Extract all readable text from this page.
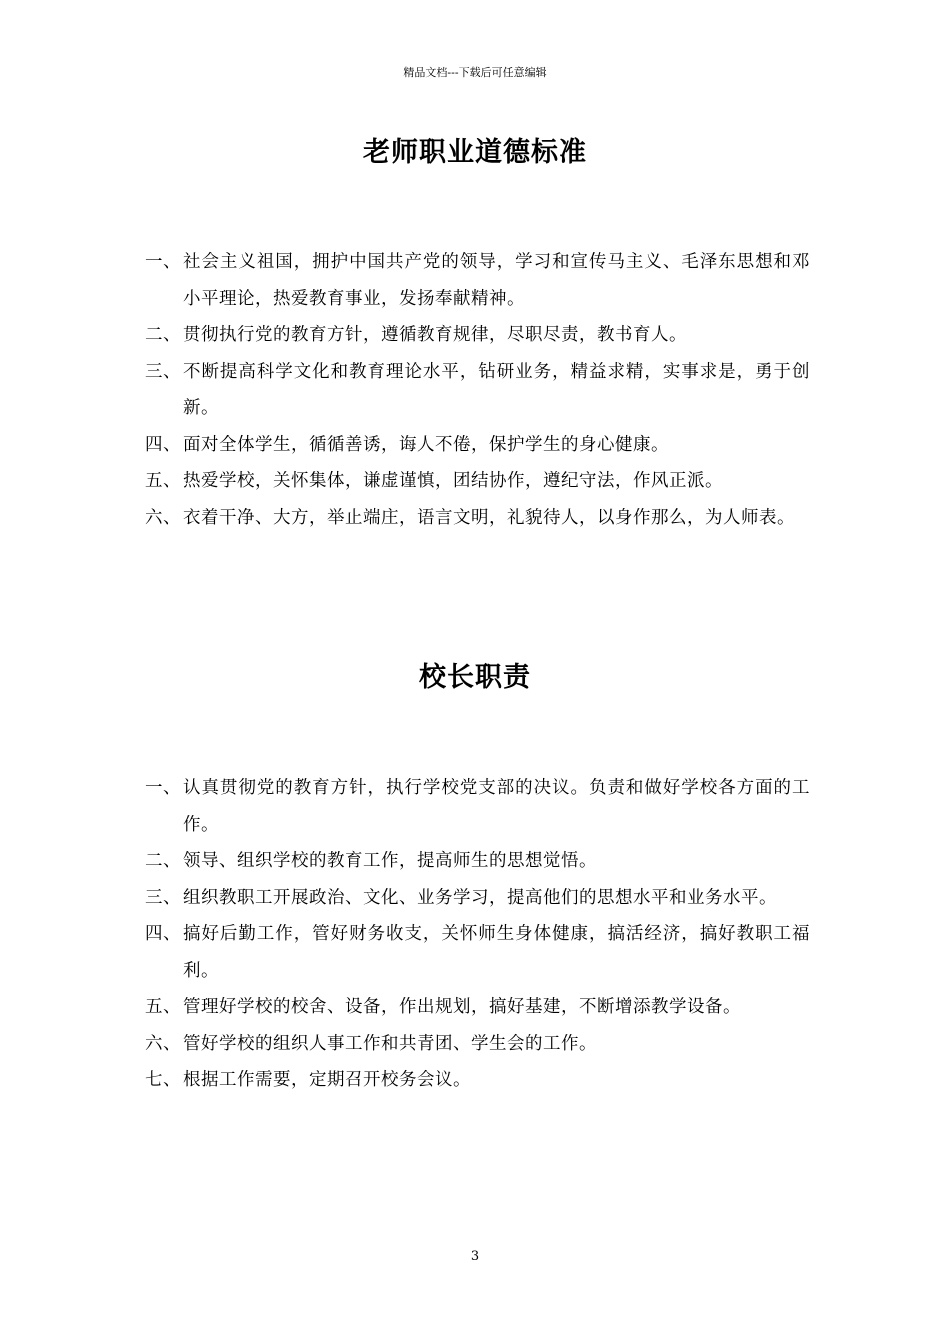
精品文档---下载后可任意编辑
老师职业道德标准
一、 社会主义祖国，拥护中国共产党的领导，学习和宣传马主义、毛泽东思想和邓小平理论，热爱教育事业，发扬奉献精神。
二、 贯彻执行党的教育方针，遵循教育规律，尽职尽责，教书育人。
三、 不断提高科学文化和教育理论水平，钻研业务，精益求精，实事求是，勇于创新。
四、 面对全体学生，循循善诱，诲人不倦，保护学生的身心健康。
五、 热爱学校，关怀集体，谦虚谨慎，团结协作，遵纪守法，作风正派。
六、 衣着干净、大方，举止端庄，语言文明，礼貌待人，以身作那么，为人师表。
校长职责
一、 认真贯彻党的教育方针，执行学校党支部的决议。负责和做好学校各方面的工作。
二、 领导、组织学校的教育工作，提高师生的思想觉悟。
三、 组织教职工开展政治、文化、业务学习，提高他们的思想水平和业务水平。
四、 搞好后勤工作，管好财务收支，关怀师生身体健康，搞活经济，搞好教职工福利。
五、 管理好学校的校舍、设备，作出规划，搞好基建，不断增添教学设备。
六、 管好学校的组织人事工作和共青团、学生会的工作。
七、 根据工作需要，定期召开校务会议。
3
